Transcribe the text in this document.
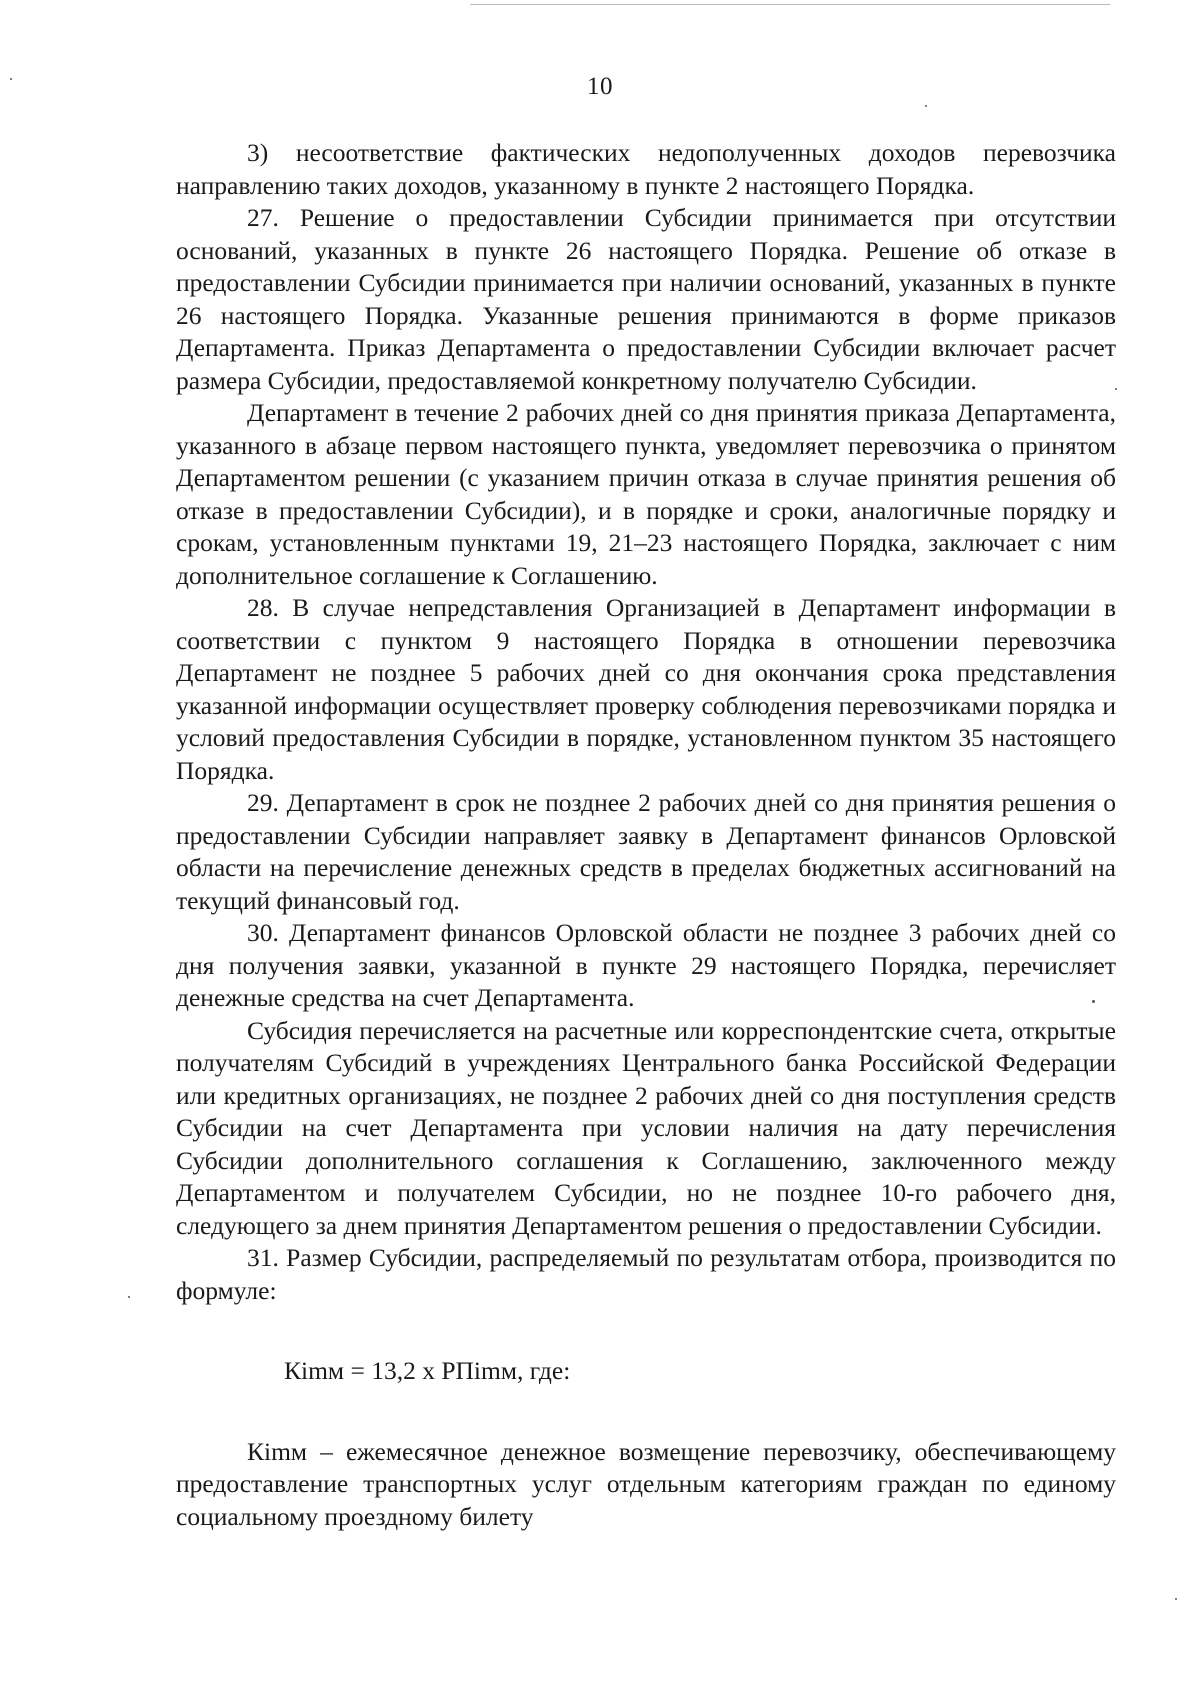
10

3) несоответствие фактических недополученных доходов перевозчика направлению таких доходов, указанному в пункте 2 настоящего Порядка.

27. Решение о предоставлении Субсидии принимается при отсутствии оснований, указанных в пункте 26 настоящего Порядка. Решение об отказе в предоставлении Субсидии принимается при наличии оснований, указанных в пункте 26 настоящего Порядка. Указанные решения принимаются в форме приказов Департамента. Приказ Департамента о предоставлении Субсидии включает расчет размера Субсидии, предоставляемой конкретному получателю Субсидии.

Департамент в течение 2 рабочих дней со дня принятия приказа Департамента, указанного в абзаце первом настоящего пункта, уведомляет перевозчика о принятом Департаментом решении (с указанием причин отказа в случае принятия решения об отказе в предоставлении Субсидии), и в порядке и сроки, аналогичные порядку и срокам, установленным пунктами 19, 21–23 настоящего Порядка, заключает с ним дополнительное соглашение к Соглашению.

28. В случае непредставления Организацией в Департамент информации в соответствии с пунктом 9 настоящего Порядка в отношении перевозчика Департамент не позднее 5 рабочих дней со дня окончания срока представления указанной информации осуществляет проверку соблюдения перевозчиками порядка и условий предоставления Субсидии в порядке, установленном пунктом 35 настоящего Порядка.

29. Департамент в срок не позднее 2 рабочих дней со дня принятия решения о предоставлении Субсидии направляет заявку в Департамент финансов Орловской области на перечисление денежных средств в пределах бюджетных ассигнований на текущий финансовый год.

30. Департамент финансов Орловской области не позднее 3 рабочих дней со дня получения заявки, указанной в пункте 29 настоящего Порядка, перечисляет денежные средства на счет Департамента.

Субсидия перечисляется на расчетные или корреспондентские счета, открытые получателям Субсидий в учреждениях Центрального банка Российской Федерации или кредитных организациях, не позднее 2 рабочих дней со дня поступления средств Субсидии на счет Департамента при условии наличия на дату перечисления Субсидии дополнительного соглашения к Соглашению, заключенного между Департаментом и получателем Субсидии, но не позднее 10-го рабочего дня, следующего за днем принятия Департаментом решения о предоставлении Субсидии.

31. Размер Субсидии, распределяемый по результатам отбора, производится по формуле:

Кimм = 13,2 х РПimм, где:

Кimм – ежемесячное денежное возмещение перевозчику, обеспечивающему предоставление транспортных услуг отдельным категориям граждан по единому социальному проездному билету
